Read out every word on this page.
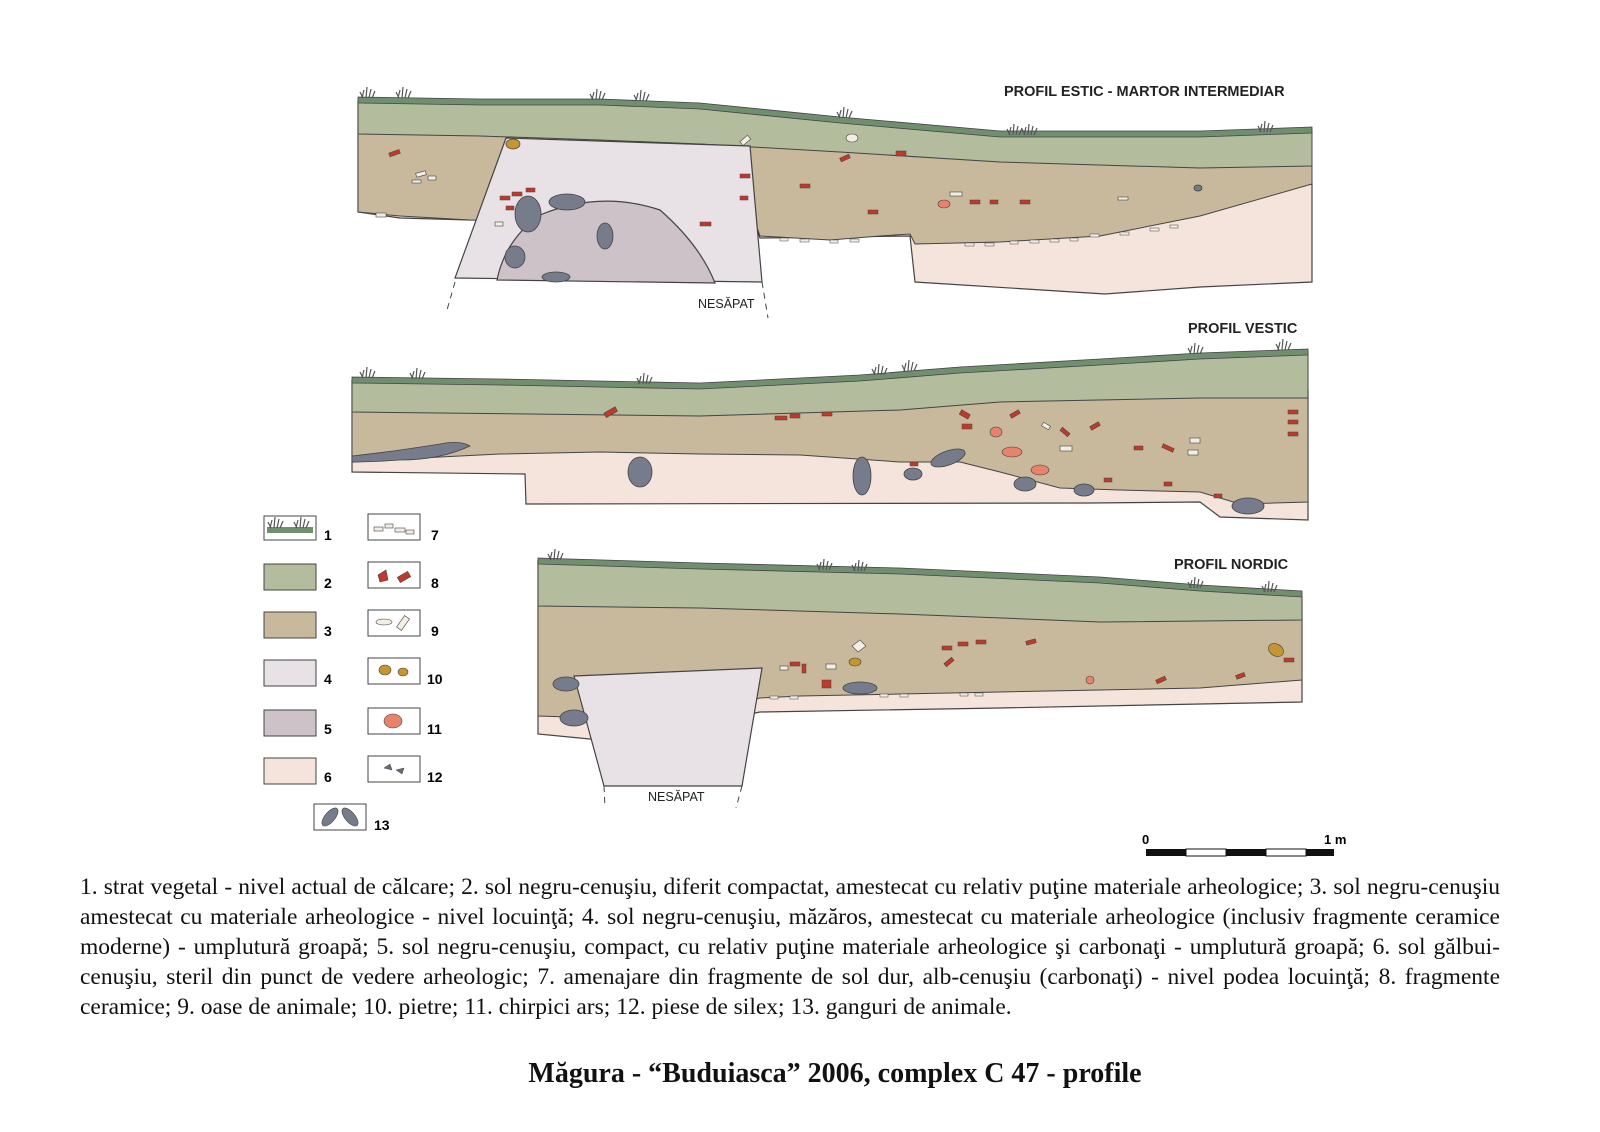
NESĂPAT
PROFIL ESTIC - MARTOR INTERMEDIAR
PROFIL VESTIC
NESĂPAT
PROFIL NORDIC
1
2
3
4
5
6
7
8
9
10
11
12
13
0	1 m

1. strat vegetal - nivel actual de călcare; 2. sol negru-cenuşiu, diferit compactat, amestecat cu relativ puţine materiale arheologice; 3. sol negru-cenuşiu amestecat cu materiale arheologice - nivel locuinţă; 4. sol negru-cenuşiu, măzăros, amestecat cu materiale arheologice (inclusiv fragmente ceramice moderne) - umplutură groapă; 5. sol negru-cenuşiu, compact, cu relativ puţine materiale arheologice şi carbonaţi - umplutură groapă; 6. sol gălbui-cenuşiu, steril din punct de vedere arheologic; 7. amenajare din fragmente de sol dur, alb-cenuşiu (carbonaţi) - nivel podea locuinţă; 8. fragmente ceramice; 9. oase de animale; 10. pietre; 11. chirpici ars; 12. piese de silex; 13. ganguri de animale.

Măgura - “Buduiasca” 2006, complex C 47 - profile
